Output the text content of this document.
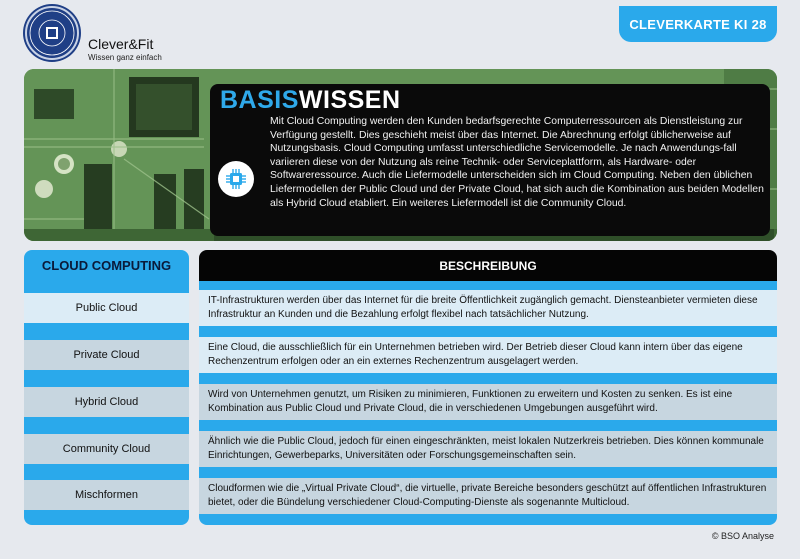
Clever&Fit
Wissen ganz einfach
CLEVERKARTE KI 28
BASISWISSEN
Mit Cloud Computing werden den Kunden bedarfsgerechte Computerressourcen als Dienstleistung zur Verfügung gestellt. Dies geschieht meist über das Internet. Die Abrechnung erfolgt üblicherweise auf Nutzungsbasis. Cloud Computing umfasst unterschiedliche Servicemodelle. Je nach Anwendungs-fall variieren diese von der Nutzung als reine Technik- oder Serviceplattform, als Hardware- oder Softwareressource. Auch die Liefermodelle unterscheiden sich im Cloud Computing. Neben den üblichen Liefermodellen der Public Cloud und der Private Cloud, hat sich auch die Kombination aus beiden Modellen als Hybrid Cloud etabliert. Ein weiteres Liefermodell ist die Community Cloud.
CLOUD COMPUTING
Public Cloud
Private Cloud
Hybrid Cloud
Community Cloud
Mischformen
BESCHREIBUNG
IT-Infrastrukturen werden über das Internet für die breite Öffentlichkeit zugänglich gemacht. Diensteanbieter vermieten diese Infrastruktur an Kunden und die Bezahlung erfolgt flexibel nach tatsächlicher Nutzung.
Eine Cloud, die ausschließlich für ein Unternehmen betrieben wird. Der Betrieb dieser Cloud kann intern über das eigene Rechenzentrum erfolgen oder an ein externes Rechenzentrum ausgelagert werden.
Wird von Unternehmen genutzt, um Risiken zu minimieren, Funktionen zu erweitern und Kosten zu senken. Es ist eine Kombination aus Public Cloud und Private Cloud, die in verschiedenen Umgebungen ausgeführt wird.
Ähnlich wie die Public Cloud, jedoch für einen eingeschränkten, meist lokalen Nutzerkreis betrieben. Dies können kommunale Einrichtungen, Gewerbeparks, Universitäten oder Forschungsgemeinschaften sein.
Cloudformen wie die „Virtual Private Cloud“, die virtuelle, private Bereiche besonders geschützt auf öffentlichen Infrastrukturen bietet, oder die Bündelung verschiedener Cloud-Computing-Dienste als sogenannte Multicloud.
© BSO Analyse
